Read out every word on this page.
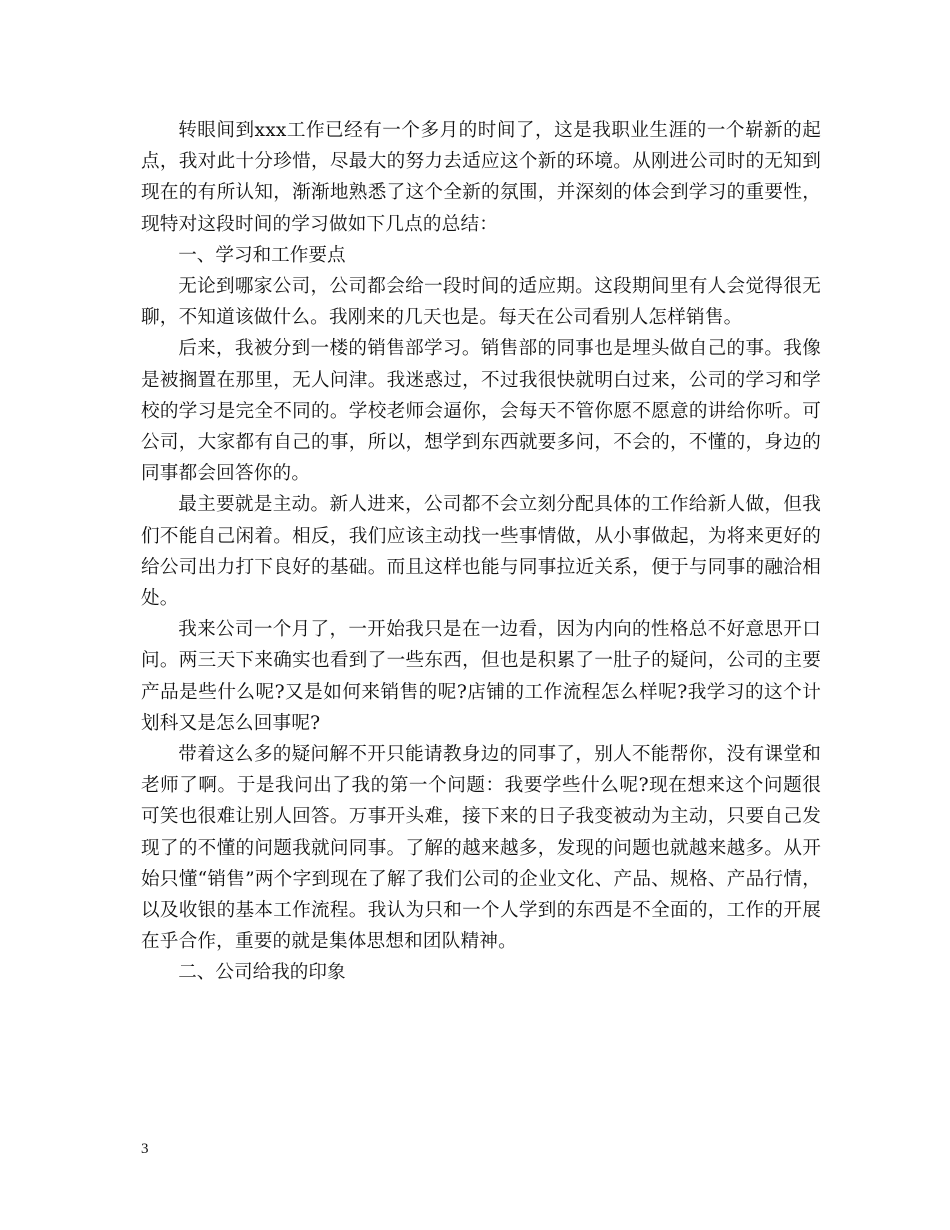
转眼间到xxx工作已经有一个多月的时间了，这是我职业生涯的一个崭新的起点，我对此十分珍惜，尽最大的努力去适应这个新的环境。从刚进公司时的无知到现在的有所认知，渐渐地熟悉了这个全新的氛围，并深刻的体会到学习的重要性，现特对这段时间的学习做如下几点的总结：

一、学习和工作要点

无论到哪家公司，公司都会给一段时间的适应期。这段期间里有人会觉得很无聊，不知道该做什么。我刚来的几天也是。每天在公司看别人怎样销售。

后来，我被分到一楼的销售部学习。销售部的同事也是埋头做自己的事。我像是被搁置在那里，无人问津。我迷惑过，不过我很快就明白过来，公司的学习和学校的学习是完全不同的。学校老师会逼你，会每天不管你愿不愿意的讲给你听。可公司，大家都有自己的事，所以，想学到东西就要多问，不会的，不懂的，身边的同事都会回答你的。

最主要就是主动。新人进来，公司都不会立刻分配具体的工作给新人做，但我们不能自己闲着。相反，我们应该主动找一些事情做，从小事做起，为将来更好的给公司出力打下良好的基础。而且这样也能与同事拉近关系，便于与同事的融洽相处。

我来公司一个月了，一开始我只是在一边看，因为内向的性格总不好意思开口问。两三天下来确实也看到了一些东西，但也是积累了一肚子的疑问，公司的主要产品是些什么呢?又是如何来销售的呢?店铺的工作流程怎么样呢?我学习的这个计划科又是怎么回事呢?

带着这么多的疑问解不开只能请教身边的同事了，别人不能帮你，没有课堂和老师了啊。于是我问出了我的第一个问题：我要学些什么呢?现在想来这个问题很可笑也很难让别人回答。万事开头难，接下来的日子我变被动为主动，只要自己发现了的不懂的问题我就问同事。了解的越来越多，发现的问题也就越来越多。从开始只懂“销售”两个字到现在了解了我们公司的企业文化、产品、规格、产品行情，以及收银的基本工作流程。我认为只和一个人学到的东西是不全面的，工作的开展在乎合作，重要的就是集体思想和团队精神。

二、公司给我的印象

3
